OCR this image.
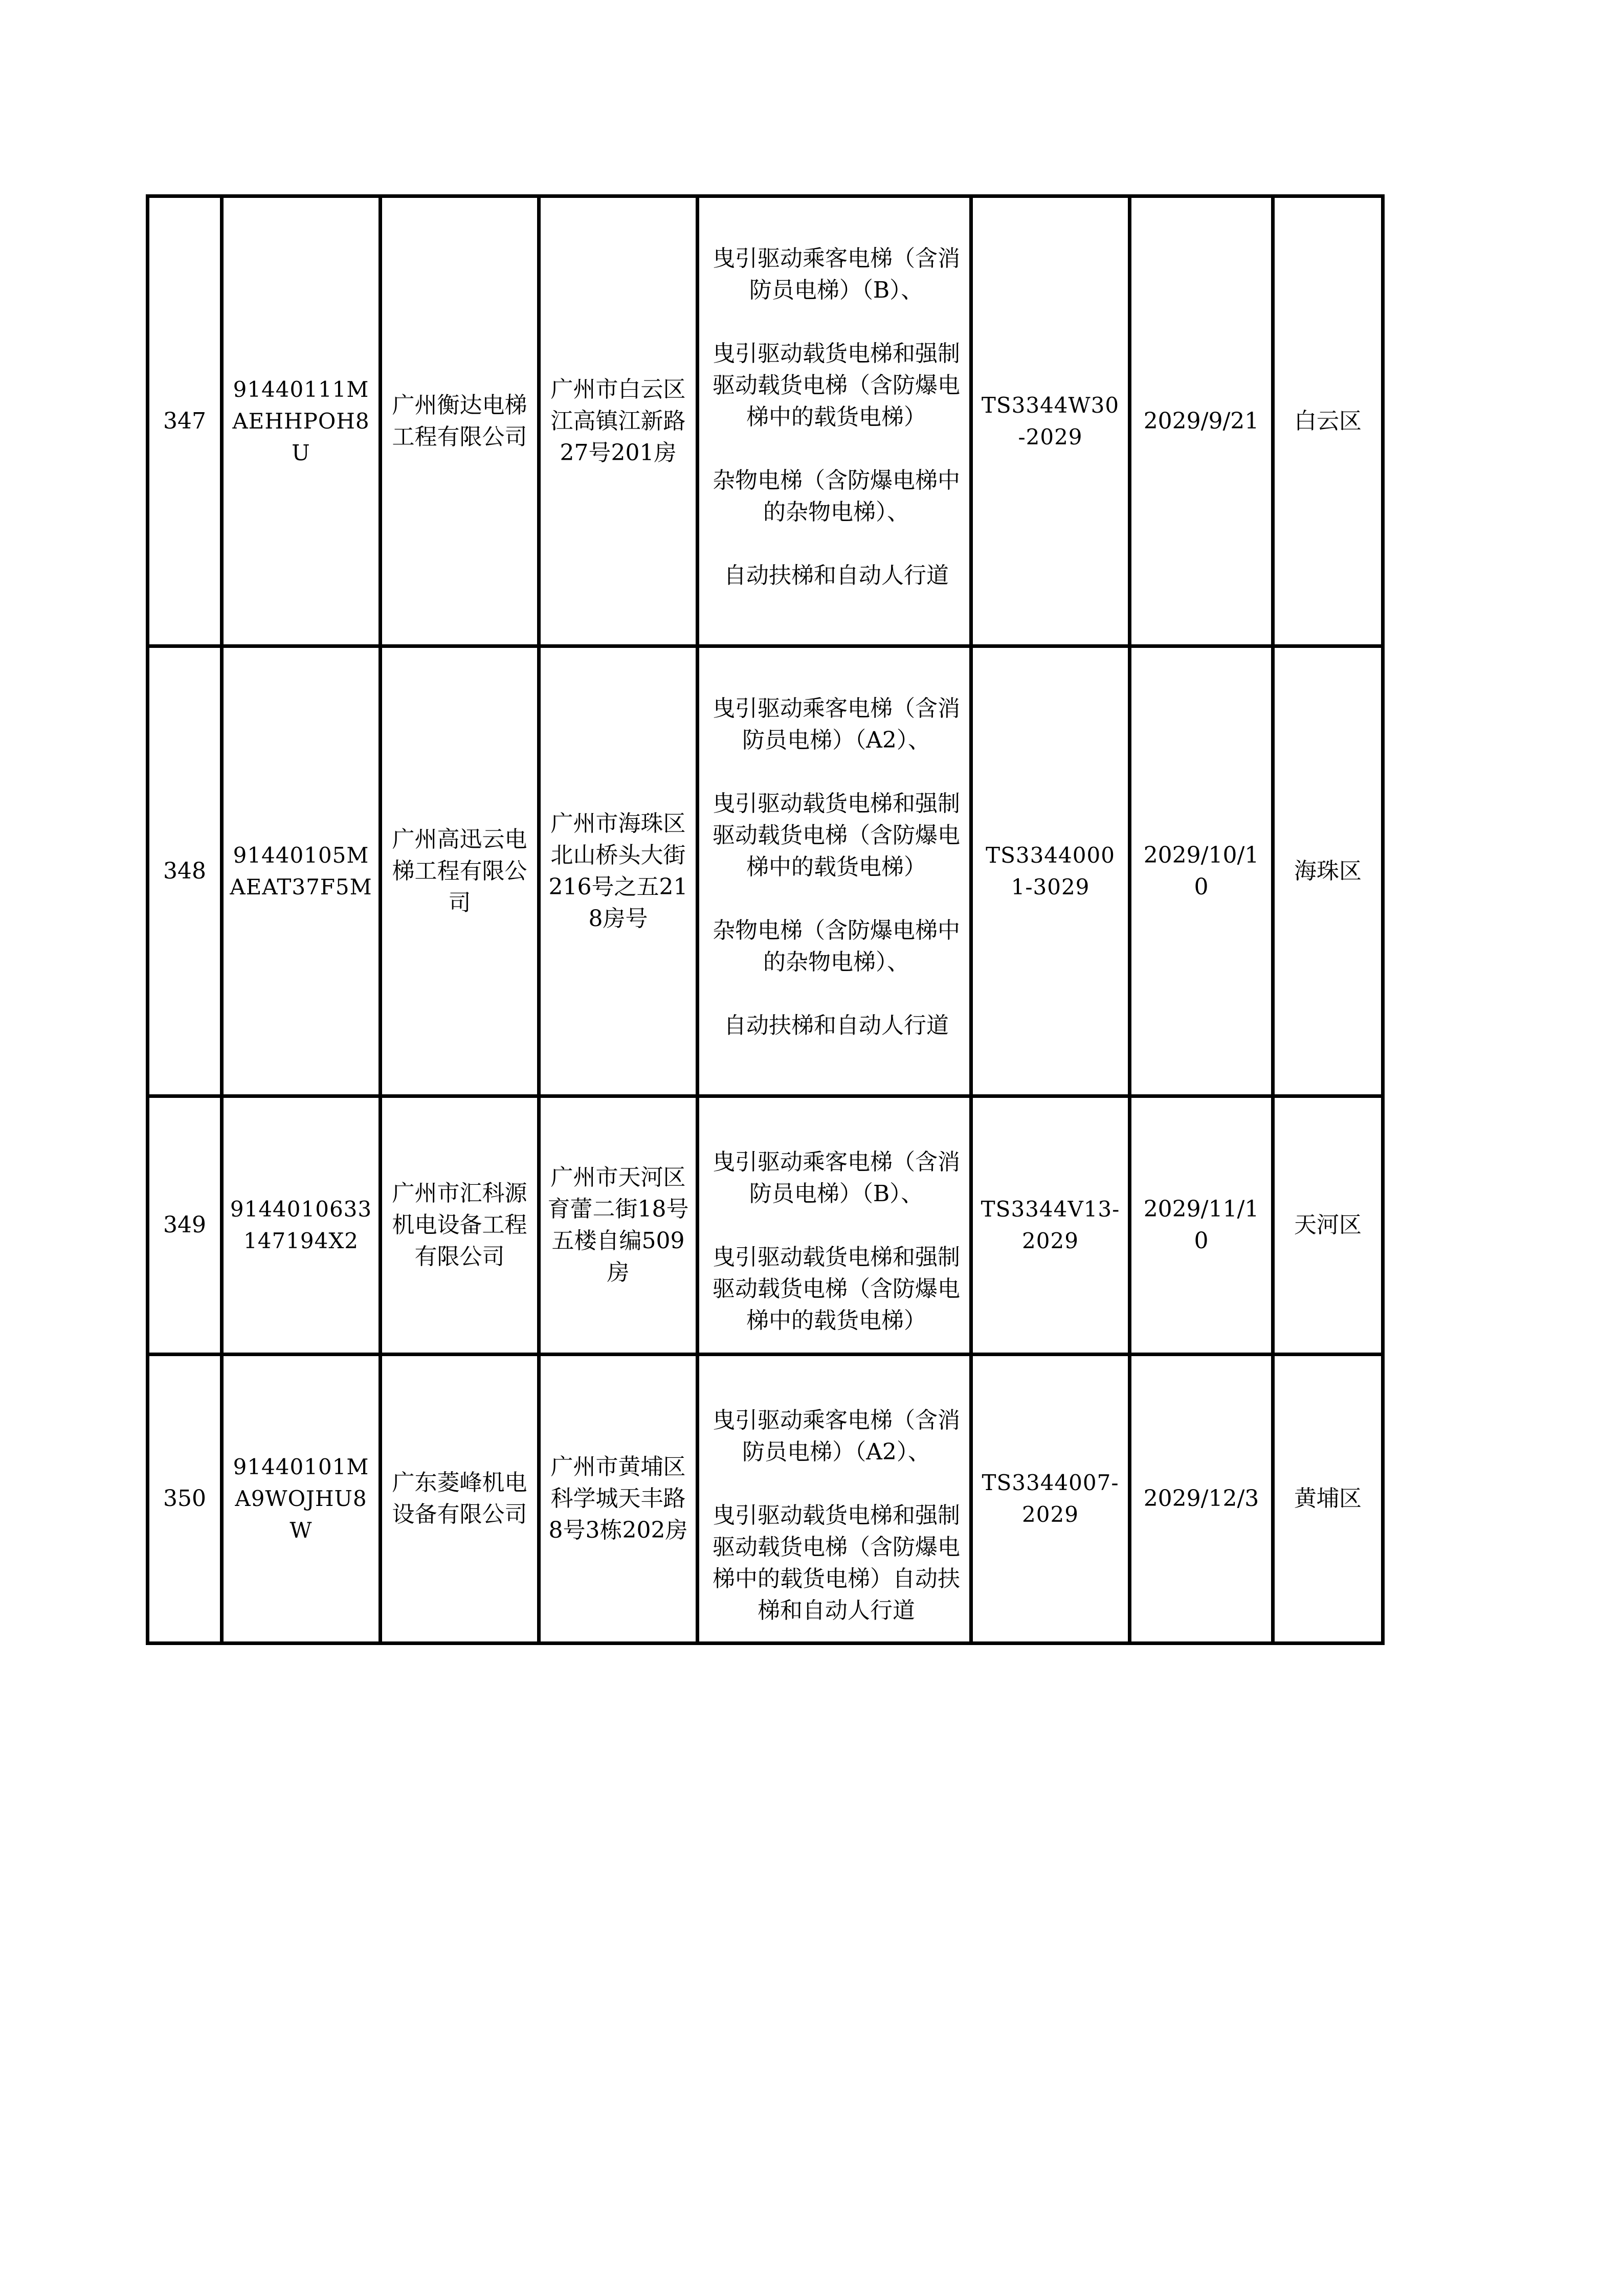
347	91440111MAEHHPOH8U	广州衡达电梯工程有限公司	广州市白云区江高镇江新路27号201房	曳引驱动乘客电梯（含消防员电梯）（B）、
曳引驱动载货电梯和强制驱动载货电梯（含防爆电梯中的载货电梯）
杂物电梯（含防爆电梯中的杂物电梯）、
自动扶梯和自动人行道	TS3344W30-2029	2029/9/21	白云区
348	91440105MAEAT37F5M	广州高迅云电梯工程有限公司	广州市海珠区北山桥头大街216号之五218房号	曳引驱动乘客电梯（含消防员电梯）（A2）、
曳引驱动载货电梯和强制驱动载货电梯（含防爆电梯中的载货电梯）
杂物电梯（含防爆电梯中的杂物电梯）、
自动扶梯和自动人行道	TS33440001-3029	2029/10/10	海珠区
349	9144010633147194X2	广州市汇科源机电设备工程有限公司	广州市天河区育蕾二街18号五楼自编509房	曳引驱动乘客电梯（含消防员电梯）（B）、
曳引驱动载货电梯和强制驱动载货电梯（含防爆电梯中的载货电梯）	TS3344V13-2029	2029/11/10	天河区
350	91440101MA9WOJHU8W	广东菱峰机电设备有限公司	广州市黄埔区科学城天丰路8号3栋202房	曳引驱动乘客电梯（含消防员电梯）（A2）、
曳引驱动载货电梯和强制驱动载货电梯（含防爆电梯中的载货电梯）自动扶梯和自动人行道	TS3344007-2029	2029/12/3	黄埔区
